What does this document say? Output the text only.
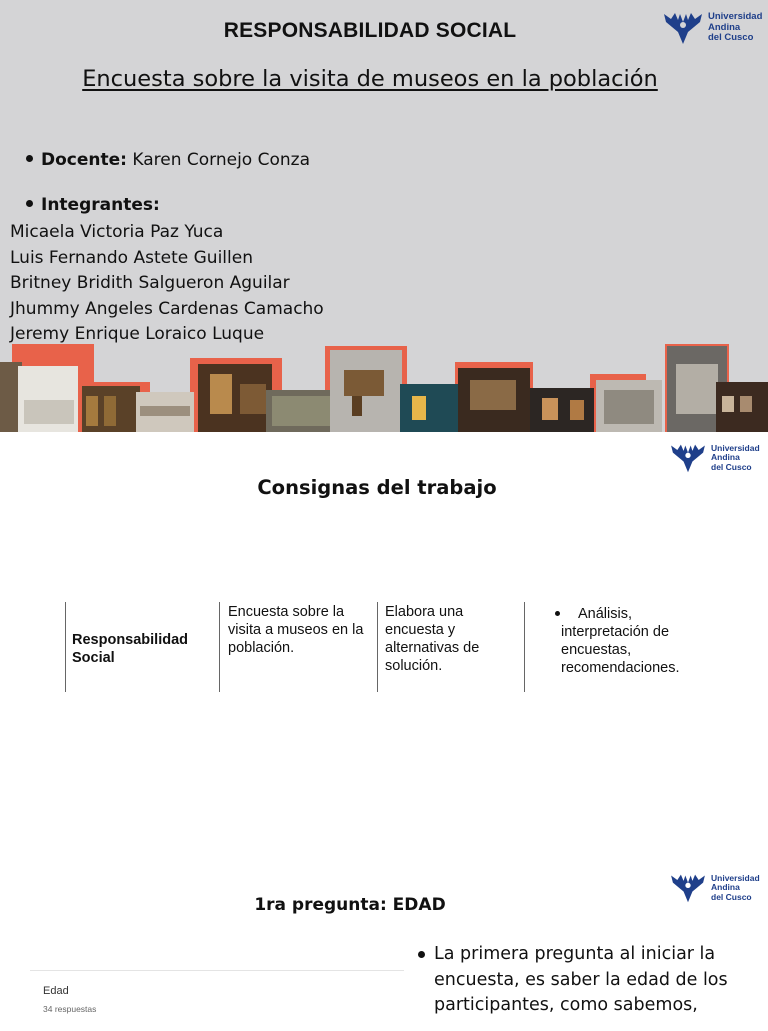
RESPONSABILIDAD SOCIAL
Universidad
Andina
del Cusco
Encuesta sobre la visita de museos en la población
Docente: Karen Cornejo Conza
Integrantes:
Micaela Victoria Paz Yuca
Luis Fernando Astete Guillen
Britney Bridith Salgueron Aguilar
Jhummy Angeles Cardenas Camacho
Jeremy Enrique Loraico Luque
Universidad
Andina
del Cusco
Consignas del trabajo
Responsabilidad Social
Encuesta sobre la visita a museos en la población.
Elabora una encuesta y alternativas de solución.
Análisis, interpretación de encuestas, recomendaciones.
Universidad
Andina
del Cusco
1ra pregunta: EDAD
Edad
34 respuestas
La primera pregunta al iniciar la encuesta, es saber la edad de los participantes, como sabemos,
